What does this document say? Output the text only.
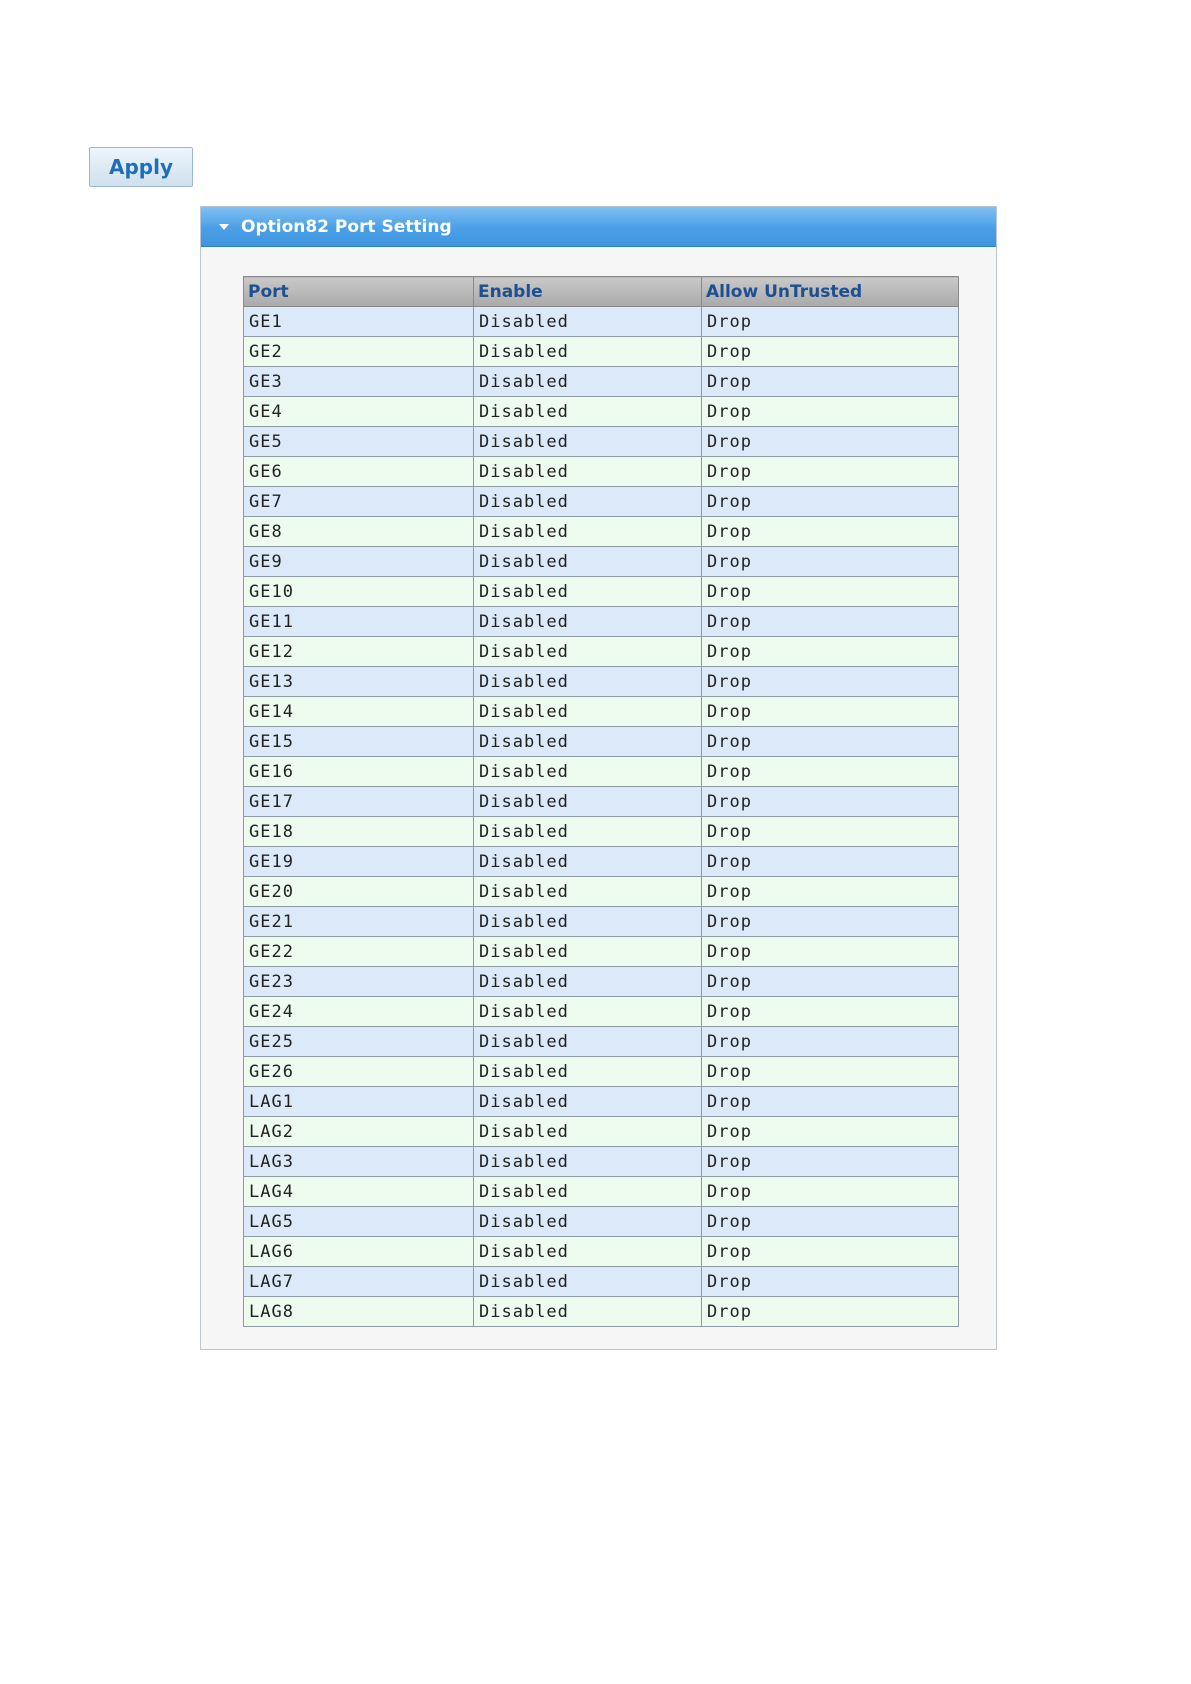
Apply
Option82 Port Setting
Port	Enable	Allow UnTrusted
GE1	Disabled	Drop
GE2	Disabled	Drop
GE3	Disabled	Drop
GE4	Disabled	Drop
GE5	Disabled	Drop
GE6	Disabled	Drop
GE7	Disabled	Drop
GE8	Disabled	Drop
GE9	Disabled	Drop
GE10	Disabled	Drop
GE11	Disabled	Drop
GE12	Disabled	Drop
GE13	Disabled	Drop
GE14	Disabled	Drop
GE15	Disabled	Drop
GE16	Disabled	Drop
GE17	Disabled	Drop
GE18	Disabled	Drop
GE19	Disabled	Drop
GE20	Disabled	Drop
GE21	Disabled	Drop
GE22	Disabled	Drop
GE23	Disabled	Drop
GE24	Disabled	Drop
GE25	Disabled	Drop
GE26	Disabled	Drop
LAG1	Disabled	Drop
LAG2	Disabled	Drop
LAG3	Disabled	Drop
LAG4	Disabled	Drop
LAG5	Disabled	Drop
LAG6	Disabled	Drop
LAG7	Disabled	Drop
LAG8	Disabled	Drop
